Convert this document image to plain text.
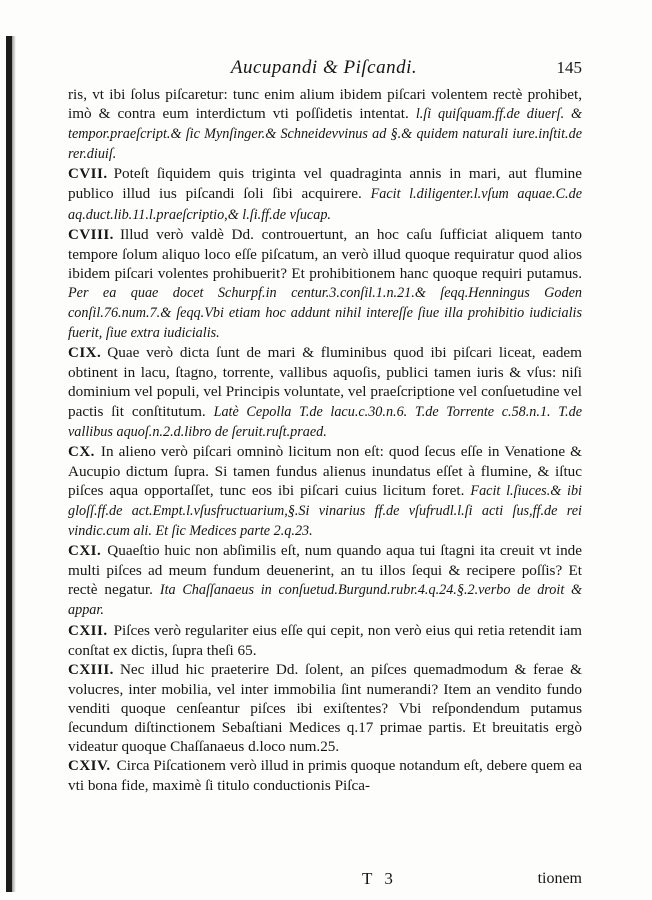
Aucupandi & Piſcandi.	145

ris, vt ibi ſolus piſcaretur: tunc enim alium ibidem piſcari volentem rectè prohibet, imò & contra eum interdictum vti poſſidetis intentat. l.ſi quiſquam.ff.de diuerſ. & tempor.praeſcript.& ſic Mynſinger.& Schneidevvinus ad §.& quidem naturali iure.inſtit.de rer.diuiſ.

CVII. Poteſt ſiquidem quis triginta vel quadraginta annis in mari, aut flumine publico illud ius piſcandi ſoli ſibi acquirere. Facit l.diligenter.l.vſum aquae.C.de aq.duct.lib.11.l.praeſcriptio,& l.ſi.ff.de vſucap.

CVIII. Illud verò valdè Dd. controuertunt, an hoc caſu ſufficiat aliquem tanto tempore ſolum aliquo loco eſſe piſcatum, an verò illud quoque requiratur quod alios ibidem piſcari volentes prohibuerit? Et prohibitionem hanc quoque requiri putamus. Per ea quae docet Schurpf.in centur.3.conſil.1.n.21.& ſeqq.Henningus Goden conſil.76.num.7.& ſeqq.Vbi etiam hoc addunt nihil intereſſe ſiue illa prohibitio iudicialis fuerit, ſiue extra iudicialis.

CIX. Quae verò dicta ſunt de mari & fluminibus quod ibi piſcari liceat, eadem obtinent in lacu, ſtagno, torrente, vallibus aquoſis, publici tamen iuris & vſus: niſi dominium vel populi, vel Principis voluntate, vel praeſcriptione vel conſuetudine vel pactis ſit conſtitutum. Latè Cepolla T.de lacu.c.30.n.6. T.de Torrente c.58.n.1. T.de vallibus aquoſ.n.2.d.libro de ſeruit.ruſt.praed.

CX. In alieno verò piſcari omninò licitum non eſt: quod ſecus eſſe in Venatione & Aucupio dictum ſupra. Si tamen fundus alienus inundatus eſſet à flumine, & iſtuc piſces aqua opportaſſet, tunc eos ibi piſcari cuius licitum foret. Facit l.ſiuces.& ibi gloſſ.ff.de act.Empt.l.vſusfructuarium,§.Si vinarius ff.de vſufrudl.l.ſi acti ſus,ff.de rei vindic.cum ali. Et ſic Medices parte 2.q.23.

CXI. Quaeſtio huic non abſimilis eſt, num quando aqua tui ſtagni ita creuit vt inde multi piſces ad meum fundum deuenerint, an tu illos ſequi & recipere poſſis? Et rectè negatur. Ita Chaſſanaeus in conſuetud.Burgund.rubr.4.q.24.§.2.verbo de droit & appar.

CXII. Piſces verò regulariter eius eſſe qui cepit, non verò eius qui retia retendit iam conſtat ex dictis, ſupra theſi 65.

CXIII. Nec illud hic praeterire Dd. ſolent, an piſces quemadmodum & ferae & volucres, inter mobilia, vel inter immobilia ſint numerandi? Item an vendito fundo venditi quoque cenſeantur piſces ibi exiſtentes? Vbi reſpondendum putamus ſecundum diſtinctionem Sebaſtiani Medices q.17 primae partis. Et breuitatis ergò videatur quoque Chaſſanaeus d.loco num.25.

CXIV. Circa Piſcationem verò illud in primis quoque notandum eſt, debere quem ea vti bona fide, maximè ſi titulo conductionis Piſca-

T 3	tionem
